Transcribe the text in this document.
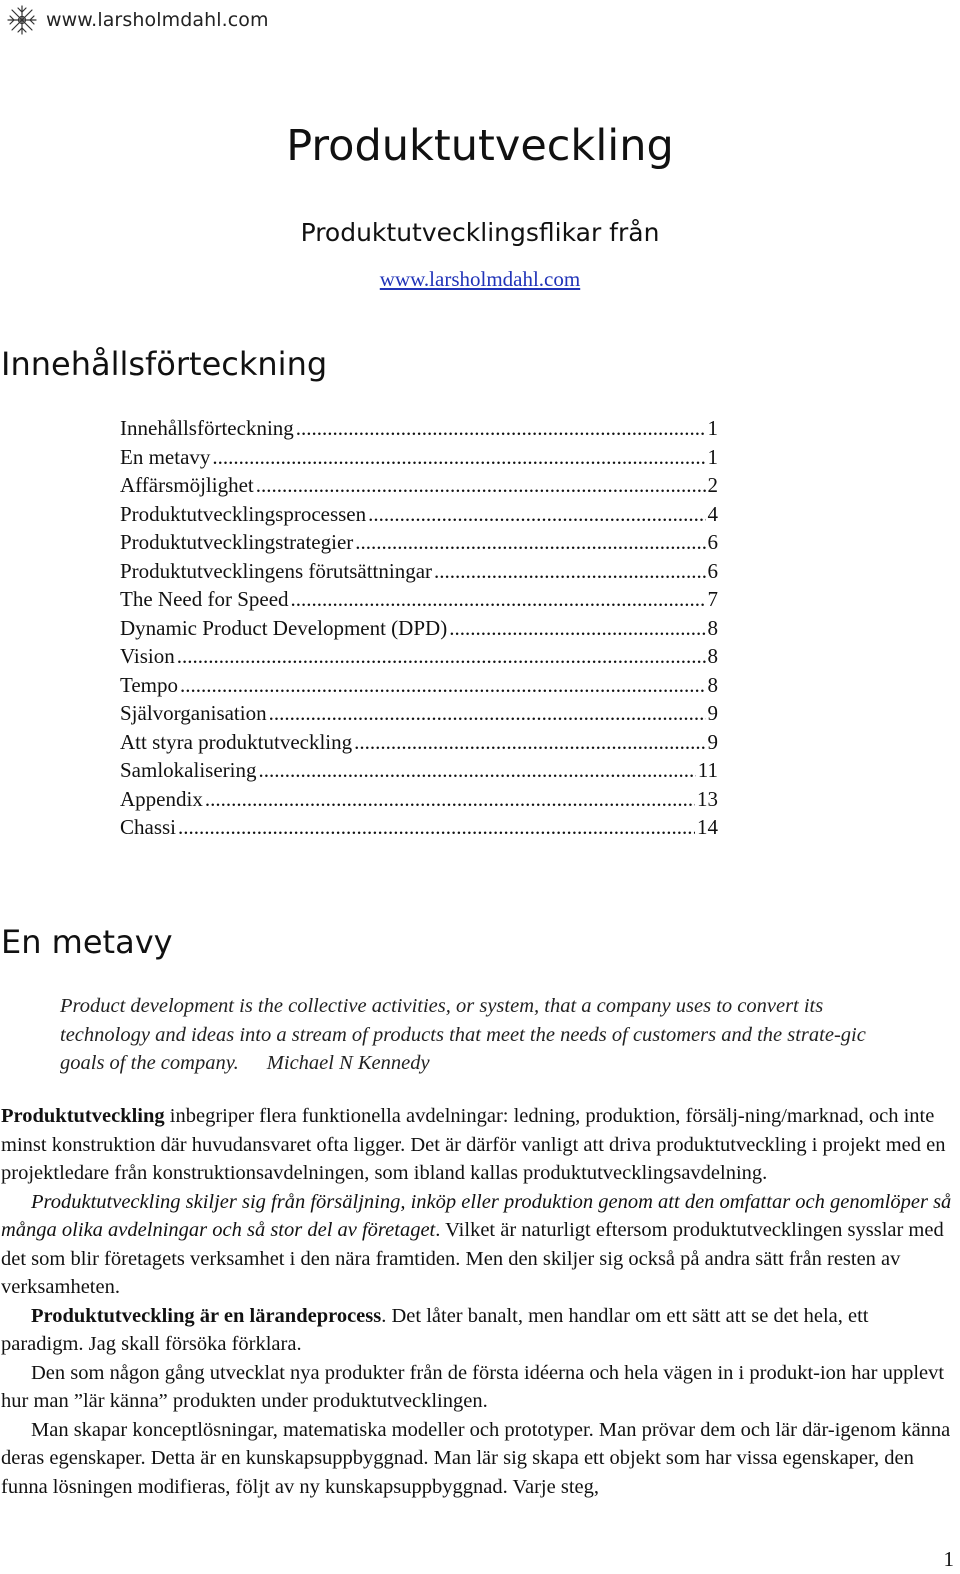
www.larsholmdahl.com
Produktutveckling
Produktutvecklingsflikar från
www.larsholmdahl.com
Innehållsförteckning
Innehållsförteckning .....	1
En metavy .....	1
Affärsmöjlighet .....	2
Produktutvecklingsprocessen .....	4
Produktutvecklingstrategier .....	6
Produktutvecklingens förutsättningar .....	6
The Need for Speed .....	7
Dynamic Product Development (DPD) .....	8
Vision .....	8
Tempo .....	8
Självorganisation .....	9
Att styra produktutveckling .....	9
Samlokalisering .....	11
Appendix .....	13
Chassi .....	14
En metavy
Product development is the collective activities, or system, that a company uses to convert its technology and ideas into a stream of products that meet the needs of customers and the strate-gic goals of the company. Michael N Kennedy

Produktutveckling inbegriper flera funktionella avdelningar: ledning, produktion, försälj-ning/marknad, och inte minst konstruktion där huvudansvaret ofta ligger. Det är därför vanligt att driva produktutveckling i projekt med en projektledare från konstruktionsavdelningen, som ibland kallas produktutvecklingsavdelning.

Produktutveckling skiljer sig från försäljning, inköp eller produktion genom att den omfattar och genomlöper så många olika avdelningar och så stor del av företaget. Vilket är naturligt eftersom produktutvecklingen sysslar med det som blir företagets verksamhet i den nära framtiden. Men den skiljer sig också på andra sätt från resten av verksamheten.

Produktutveckling är en lärandeprocess. Det låter banalt, men handlar om ett sätt att se det hela, ett paradigm. Jag skall försöka förklara.

Den som någon gång utvecklat nya produkter från de första idéerna och hela vägen in i produkt-ion har upplevt hur man ”lär känna” produkten under produktutvecklingen.

Man skapar konceptlösningar, matematiska modeller och prototyper. Man prövar dem och lär där-igenom känna deras egenskaper. Detta är en kunskapsuppbyggnad. Man lär sig skapa ett objekt som har vissa egenskaper, den funna lösningen modifieras, följt av ny kunskapsuppbyggnad. Varje steg,

1
